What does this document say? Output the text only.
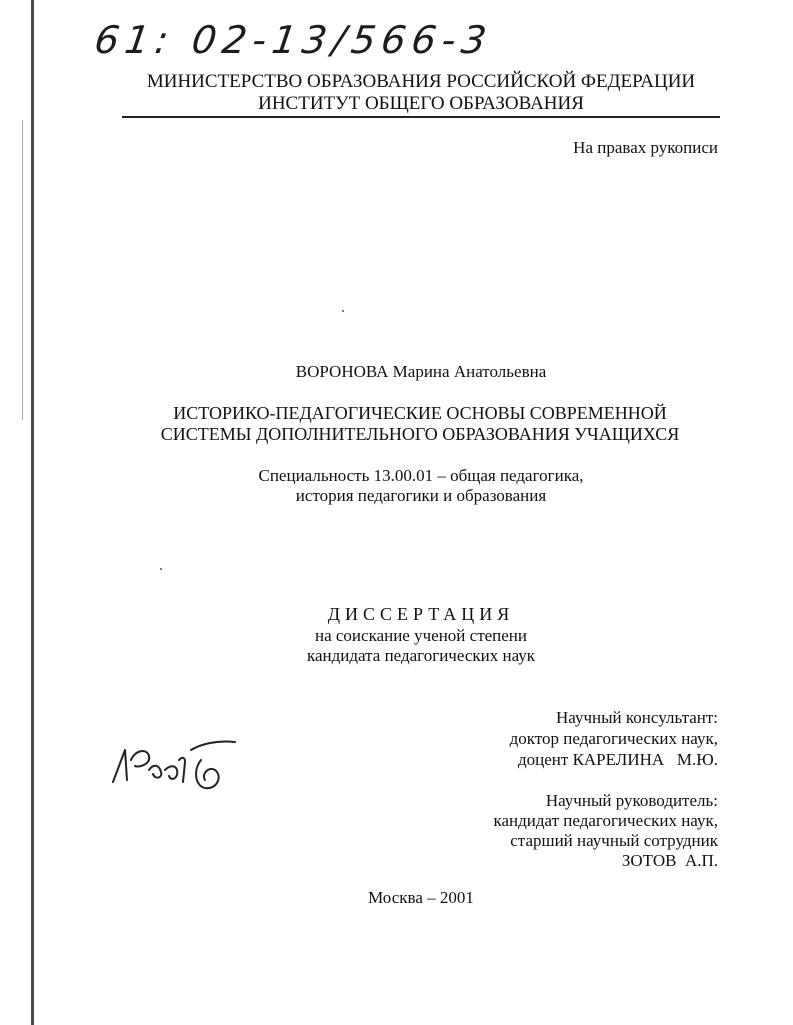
61: 02-13/566-3
МИНИСТЕРСТВО ОБРАЗОВАНИЯ РОССИЙСКОЙ ФЕДЕРАЦИИ
ИНСТИТУТ ОБЩЕГО ОБРАЗОВАНИЯ
На правах рукописи
ВОРОНОВА Марина Анатольевна
ИСТОРИКО-ПЕДАГОГИЧЕСКИЕ ОСНОВЫ СОВРЕМЕННОЙ
СИСТЕМЫ ДОПОЛНИТЕЛЬНОГО ОБРАЗОВАНИЯ УЧАЩИХСЯ
Специальность 13.00.01 – общая педагогика,
история педагогики и образования
ДИССЕРТАЦИЯ
на соискание ученой степени
кандидата педагогических наук
Научный консультант:
доктор педагогических наук,
доцент КАРЕЛИНА   М.Ю.
Научный руководитель:
кандидат педагогических наук,
старший научный сотрудник
ЗОТОВ  А.П.
Москва – 2001
